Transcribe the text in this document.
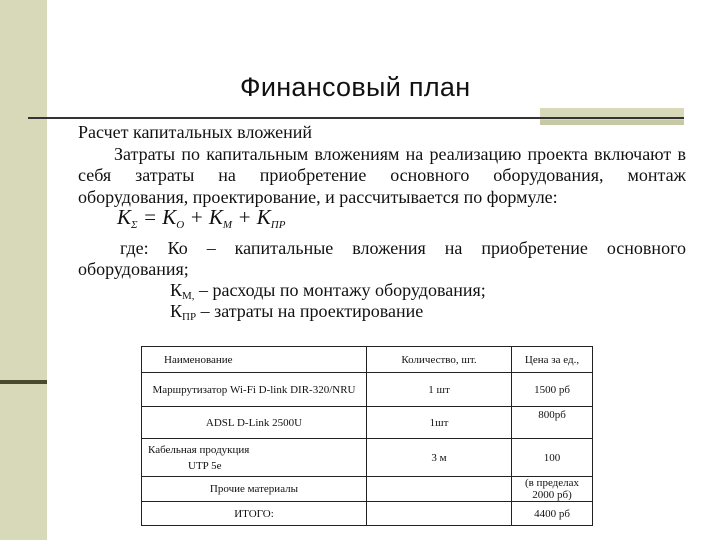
Финансовый план

Расчет капитальных вложений

Затраты по капитальным вложениям на реализацию проекта включают в

себя затраты на приобретение основного оборудования, монтаж

оборудования, проектирование, и рассчитывается по формуле:

$K_\Sigma = K_O + K_M + K_{ПР}$
где: Ко – капитальные вложения на приобретение основного
оборудования;
КМ, – расходы по монтажу оборудования;
КПР – затраты на проектирование
Наименование	Количество, шт.	Цена за ед.,
Маршрутизатор Wi-Fi D-link DIR-320/NRU	1 шт	1500 рб
ADSL D-Link 2500U	1шт	800рб

Кабельная продукция
UTP 5e	3 м	100
Прочие материалы		(в пределах 2000 рб)
ИТОГО:		4400 рб
